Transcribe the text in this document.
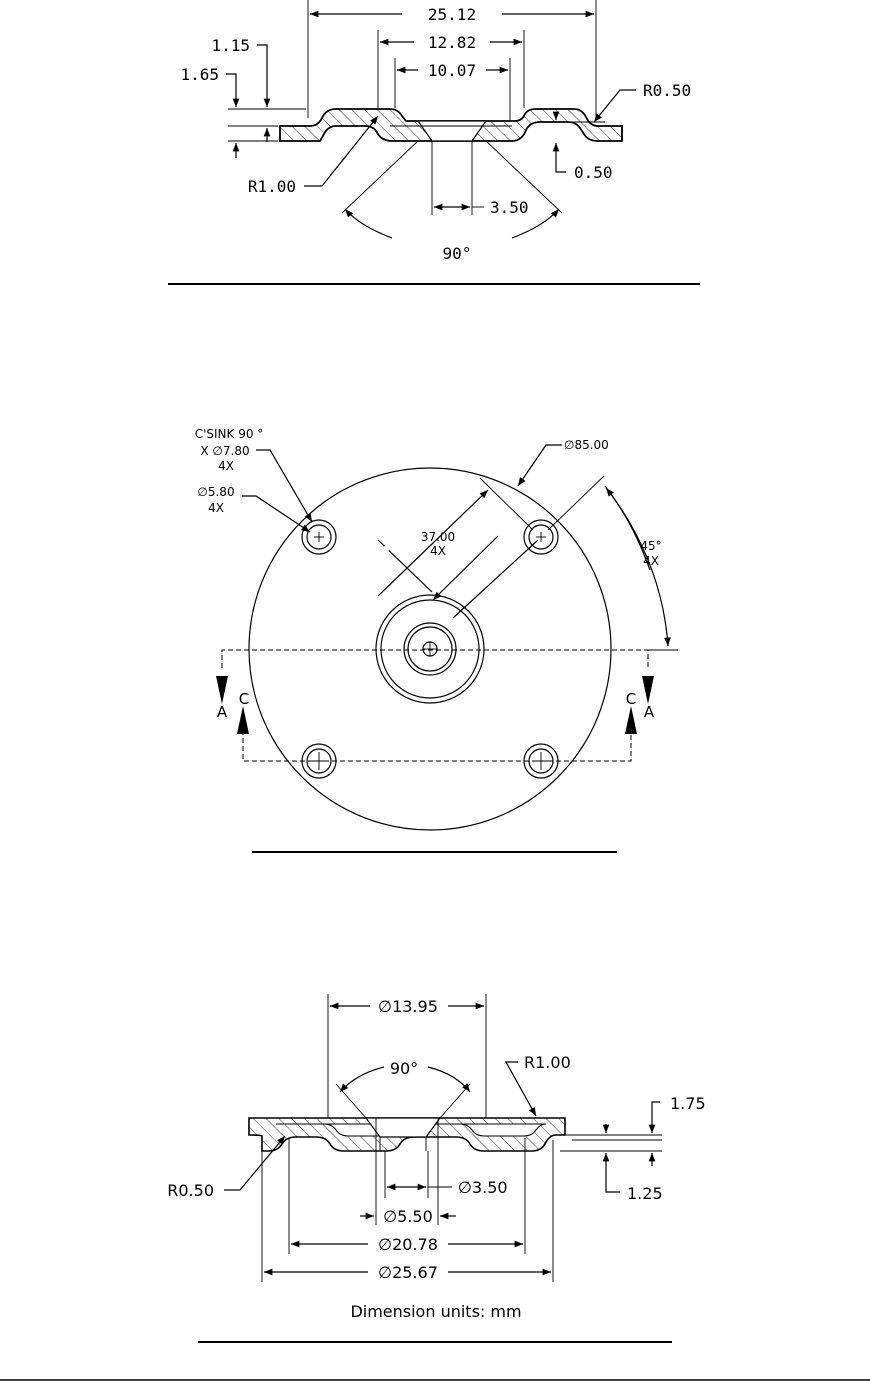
25.12
12.82
10.07
1.15
1.65
R0.50
0.50
R1.00
3.50
90°
A
C	C
A
37.00
4X	45°
4X
∅85.00
C'SINK 90 °
X ∅7.80
4X
∅5.80
4X
∅13.95
90°	R1.00
1.75
1.25
R0.50	∅3.50
∅5.50
∅20.78
∅25.67
Dimension units: mm
